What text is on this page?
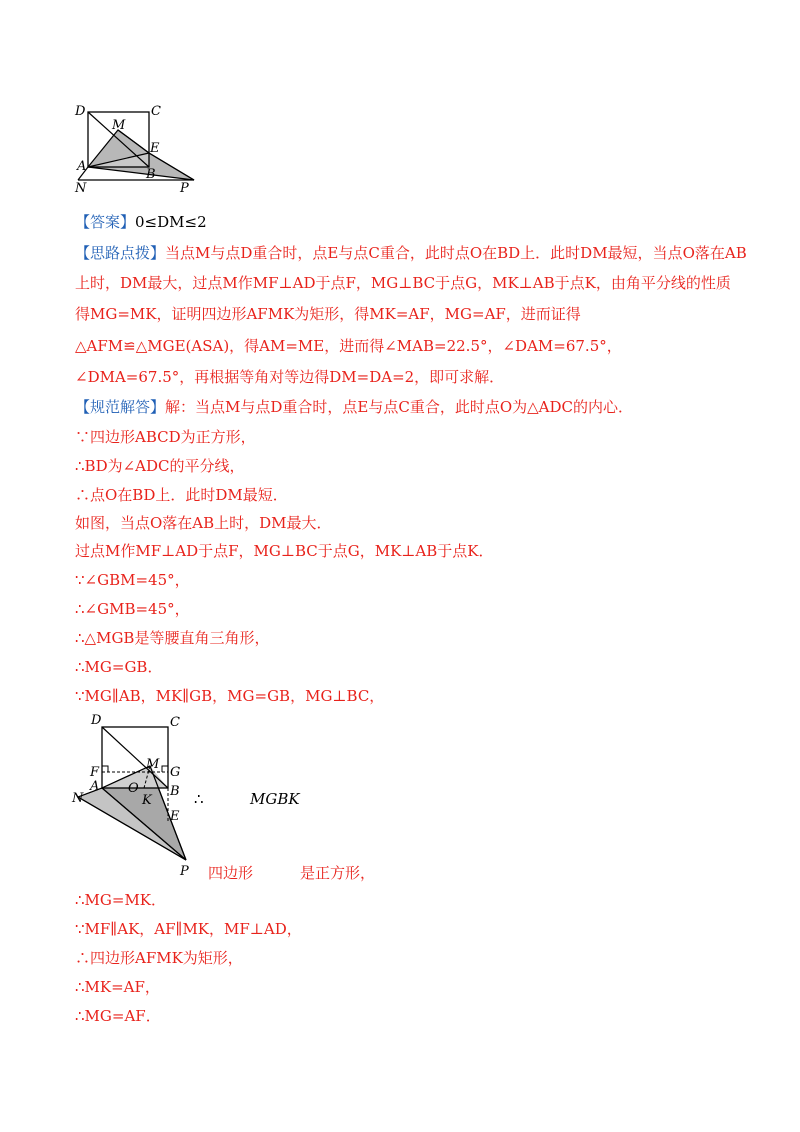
D	C
M
E
A
B
N	P
【答案】0≤DM≤2
【思路点拨】当点M与点D重合时，点E与点C重合，此时点O在BD上．此时DM最短，当点O落在AB
上时，DM最大，过点M作MF⊥AD于点F，MG⊥BC于点G，MK⊥AB于点K，由角平分线的性质
得MG=MK，证明四边形AFMK为矩形，得MK=AF，MG=AF，进而证得
△AFM≌△MGE(ASA)，得AM=ME，进而得∠MAB=22.5°，∠DAM=67.5°，
∠DMA=67.5°，再根据等角对等边得DM=DA=2，即可求解．
【规范解答】解：当点M与点D重合时，点E与点C重合，此时点O为△ADC的内心．
∵四边形ABCD为正方形，
∴BD为∠ADC的平分线，
∴点O在BD上．此时DM最短．
如图，当点O落在AB上时，DM最大．
过点M作MF⊥AD于点F，MG⊥BC于点G，MK⊥AB于点K．
∵∠GBM=45°，
∴∠GMB=45°，
∴△MGB是等腰直角三角形，
∴MG=GB．
∵MG∥AB，MK∥GB，MG=GB，MG⊥BC，
D	C
M
F	G
N
A O
K
B
E
P
∴	MGBK
四边形	是正方形，
∴MG=MK．
∵MF∥AK，AF∥MK，MF⊥AD，
∴四边形AFMK为矩形，
∴MK=AF，
∴MG=AF．
